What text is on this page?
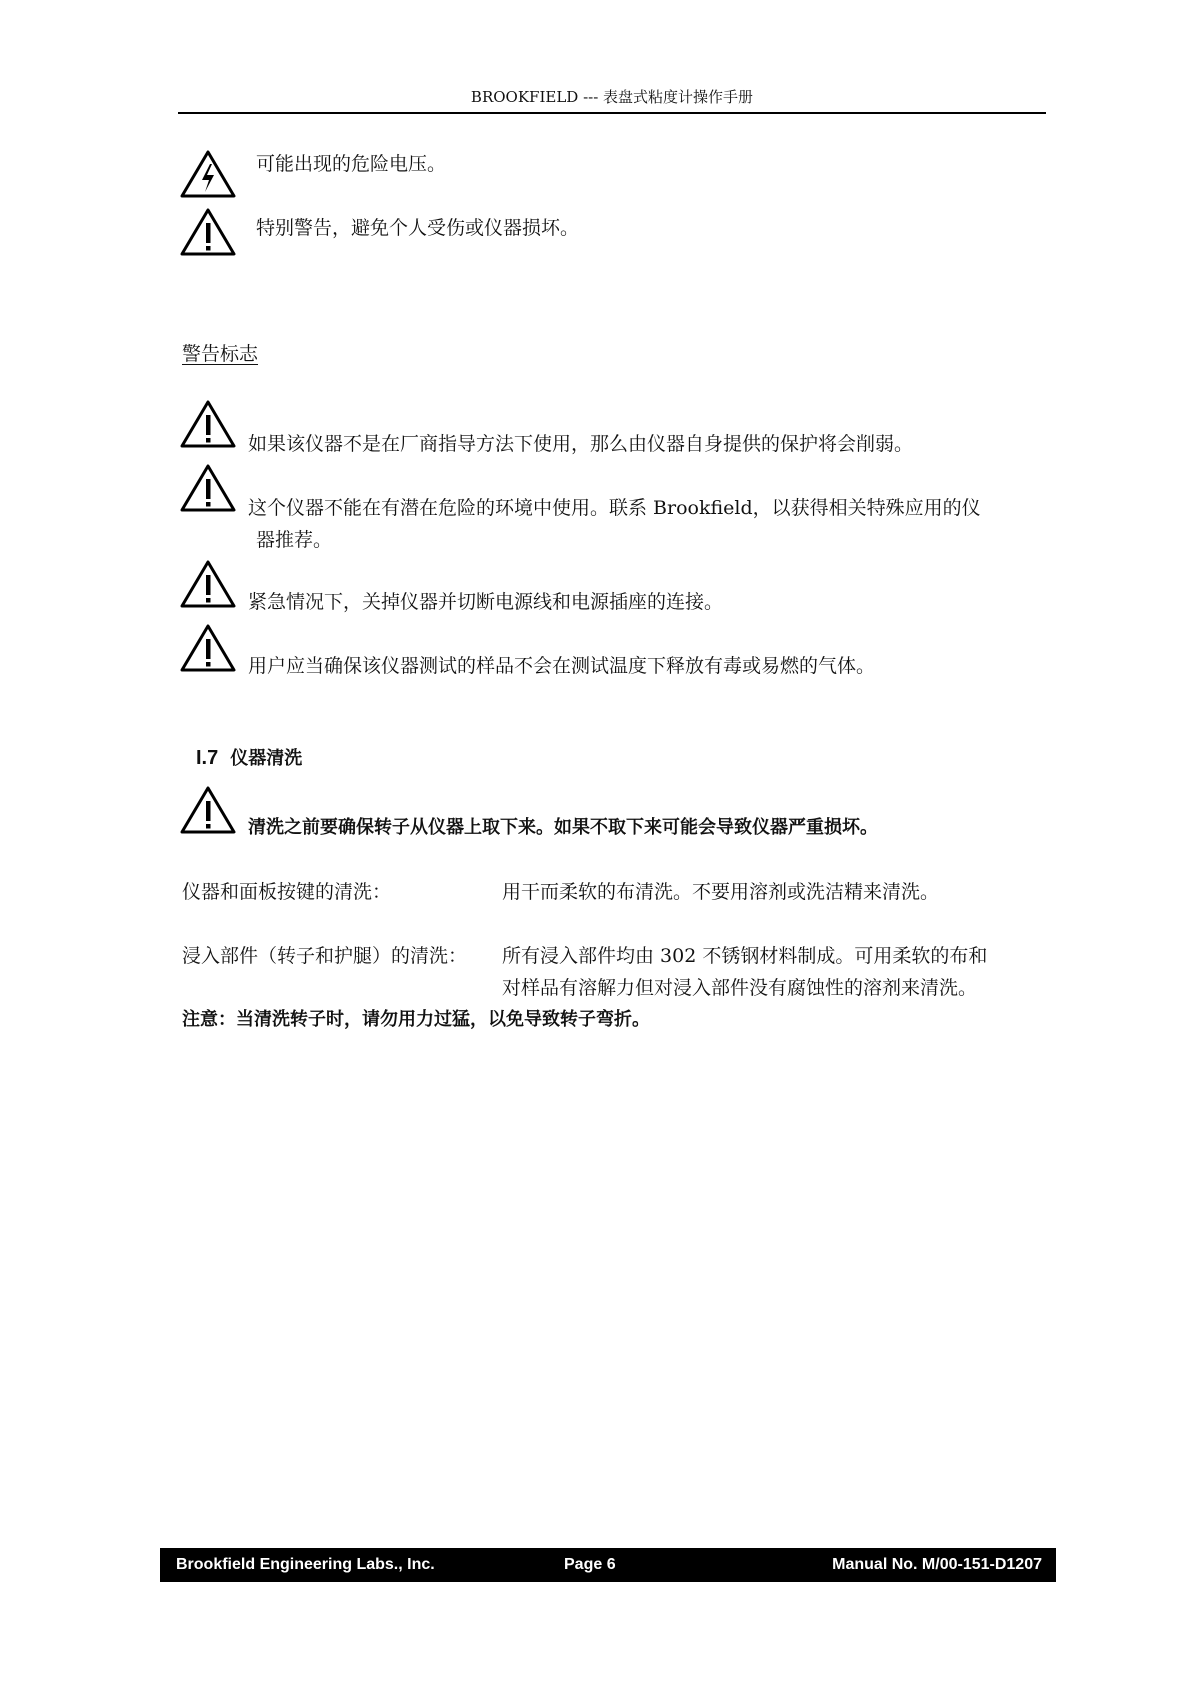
BROOKFIELD --- 表盘式粘度计操作手册
可能出现的危险电压。
特别警告，避免个人受伤或仪器损坏。
警告标志
如果该仪器不是在厂商指导方法下使用，那么由仪器自身提供的保护将会削弱。
这个仪器不能在有潜在危险的环境中使用。联系 Brookfield，以获得相关特殊应用的仪
器推荐。
紧急情况下，关掉仪器并切断电源线和电源插座的连接。
用户应当确保该仪器测试的样品不会在测试温度下释放有毒或易燃的气体。
I.7 仪器清洗
清洗之前要确保转子从仪器上取下来。如果不取下来可能会导致仪器严重损坏。
仪器和面板按键的清洗：	用干而柔软的布清洗。不要用溶剂或洗洁精来清洗。
浸入部件（转子和护腿）的清洗： 所有浸入部件均由 302 不锈钢材料制成。可用柔软的布和
对样品有溶解力但对浸入部件没有腐蚀性的溶剂来清洗。
注意：当清洗转子时，请勿用力过猛，以免导致转子弯折。
Brookfield Engineering Labs., Inc.	Page 6	Manual No. M/00-151-D1207
